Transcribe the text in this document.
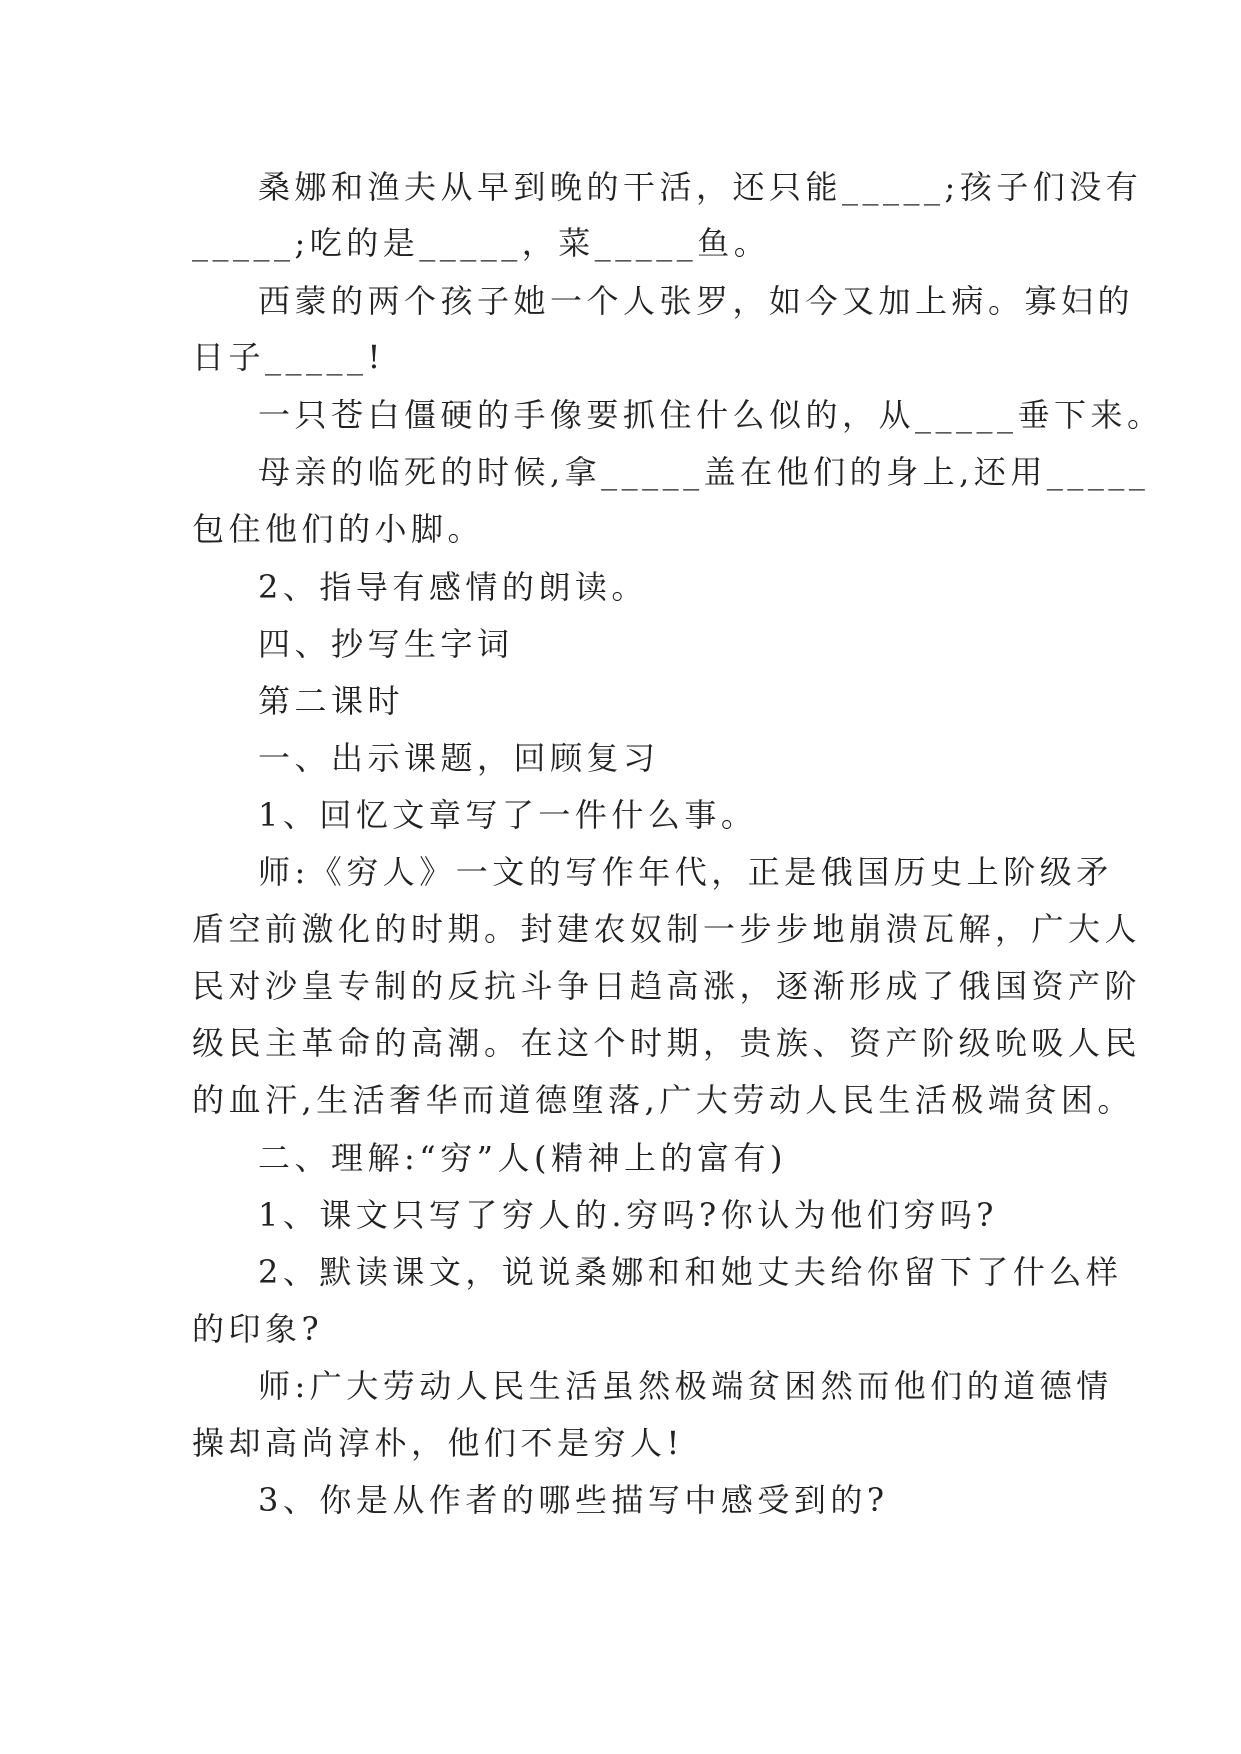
桑娜和渔夫从早到晚的干活，还只能_____;孩子们没有
_____;吃的是_____，菜_____鱼。
西蒙的两个孩子她一个人张罗，如今又加上病。寡妇的
日子_____!
一只苍白僵硬的手像要抓住什么似的，从_____垂下来。
母亲的临死的时候,拿_____盖在他们的身上,还用_____
包住他们的小脚。
2、指导有感情的朗读。
四、抄写生字词
第二课时
一、出示课题，回顾复习
1、回忆文章写了一件什么事。
师:《穷人》一文的写作年代，正是俄国历史上阶级矛
盾空前激化的时期。封建农奴制一步步地崩溃瓦解，广大人
民对沙皇专制的反抗斗争日趋高涨，逐渐形成了俄国资产阶
级民主革命的高潮。在这个时期，贵族、资产阶级吮吸人民
的血汗,生活奢华而道德堕落,广大劳动人民生活极端贫困。
二、理解:“穷”人(精神上的富有)
1、课文只写了穷人的.穷吗?你认为他们穷吗?
2、默读课文，说说桑娜和和她丈夫给你留下了什么样
的印象?
师:广大劳动人民生活虽然极端贫困然而他们的道德情
操却高尚淳朴，他们不是穷人!
3、你是从作者的哪些描写中感受到的?
